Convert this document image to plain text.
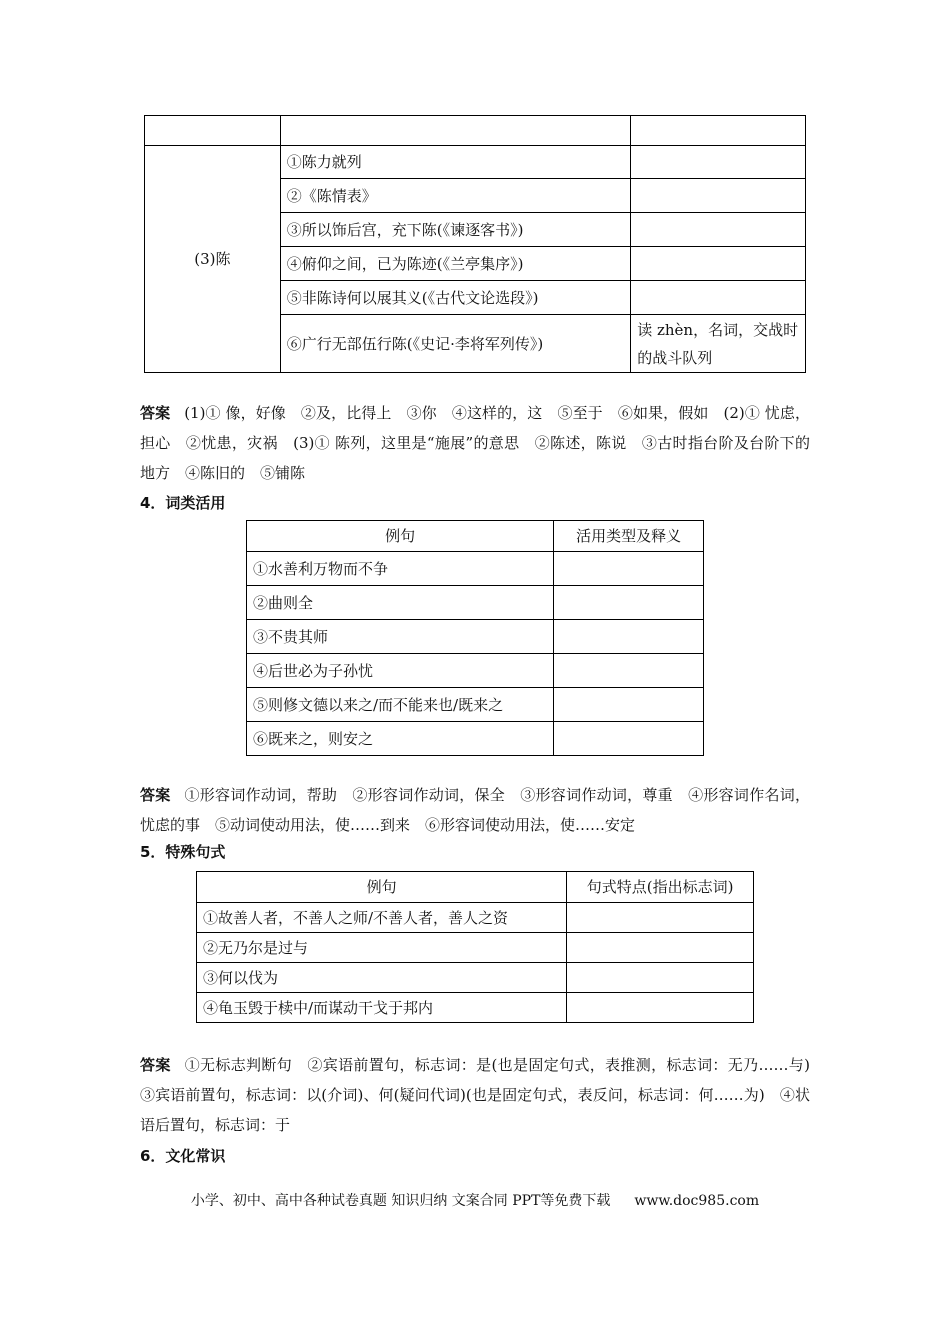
(3)陈	①陈力就列	
	②《陈情表》	
	③所以饰后宫，充下陈(《谏逐客书》)	
	④俯仰之间，已为陈迹(《兰亭集序》)	
	⑤非陈诗何以展其义(《古代文论选段》)	
	⑥广行无部伍行陈(《史记·李将军列传》)	读 zhèn，名词，交战时的战斗队列
答案 (1)① 像，好像　②及，比得上　③你　④这样的，这　⑤至于　⑥如果，假如　(2)① 忧虑，担心　②忧患，灾祸　(3)① 陈列，这里是“施展”的意思　②陈述，陈说　③古时指台阶及台阶下的地方　④陈旧的　⑤铺陈
4．词类活用
例句	活用类型及释义
①水善利万物而不争	
②曲则全	
③不贵其师	
④后世必为子孙忧	
⑤则修文德以来之/而不能来也/既来之	
⑥既来之，则安之	
答案 ①形容词作动词，帮助　②形容词作动词，保全　③形容词作动词，尊重　④形容词作名词，忧虑的事　⑤动词使动用法，使……到来　⑥形容词使动用法，使……安定
5．特殊句式
例句	句式特点(指出标志词)
①故善人者，不善人之师/不善人者，善人之资	
②无乃尔是过与	
③何以伐为	
④龟玉毁于椟中/而谋动干戈于邦内	
答案 ①无标志判断句　②宾语前置句，标志词：是(也是固定句式，表推测，标志词：无乃……与)　③宾语前置句，标志词：以(介词)、何(疑问代词)(也是固定句式，表反问，标志词：何……为)　④状语后置句，标志词：于
6．文化常识
小学、初中、高中各种试卷真题 知识归纳 文案合同 PPT等免费下载 www.doc985.com
